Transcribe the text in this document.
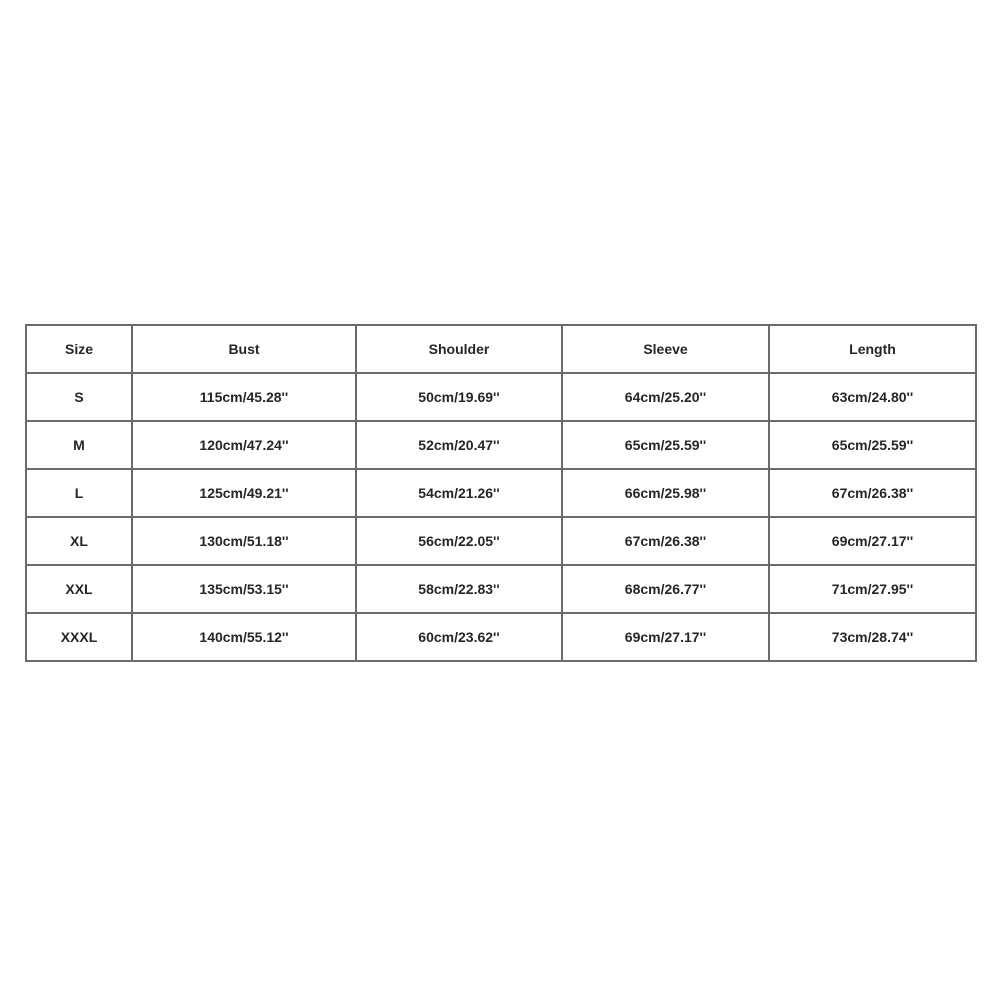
Size	Bust	Shoulder	Sleeve	Length
S	115cm/45.28''	50cm/19.69''	64cm/25.20''	63cm/24.80''
M	120cm/47.24''	52cm/20.47''	65cm/25.59''	65cm/25.59''
L	125cm/49.21''	54cm/21.26''	66cm/25.98''	67cm/26.38''
XL	130cm/51.18''	56cm/22.05''	67cm/26.38''	69cm/27.17''
XXL	135cm/53.15''	58cm/22.83''	68cm/26.77''	71cm/27.95''
XXXL	140cm/55.12''	60cm/23.62''	69cm/27.17''	73cm/28.74''
